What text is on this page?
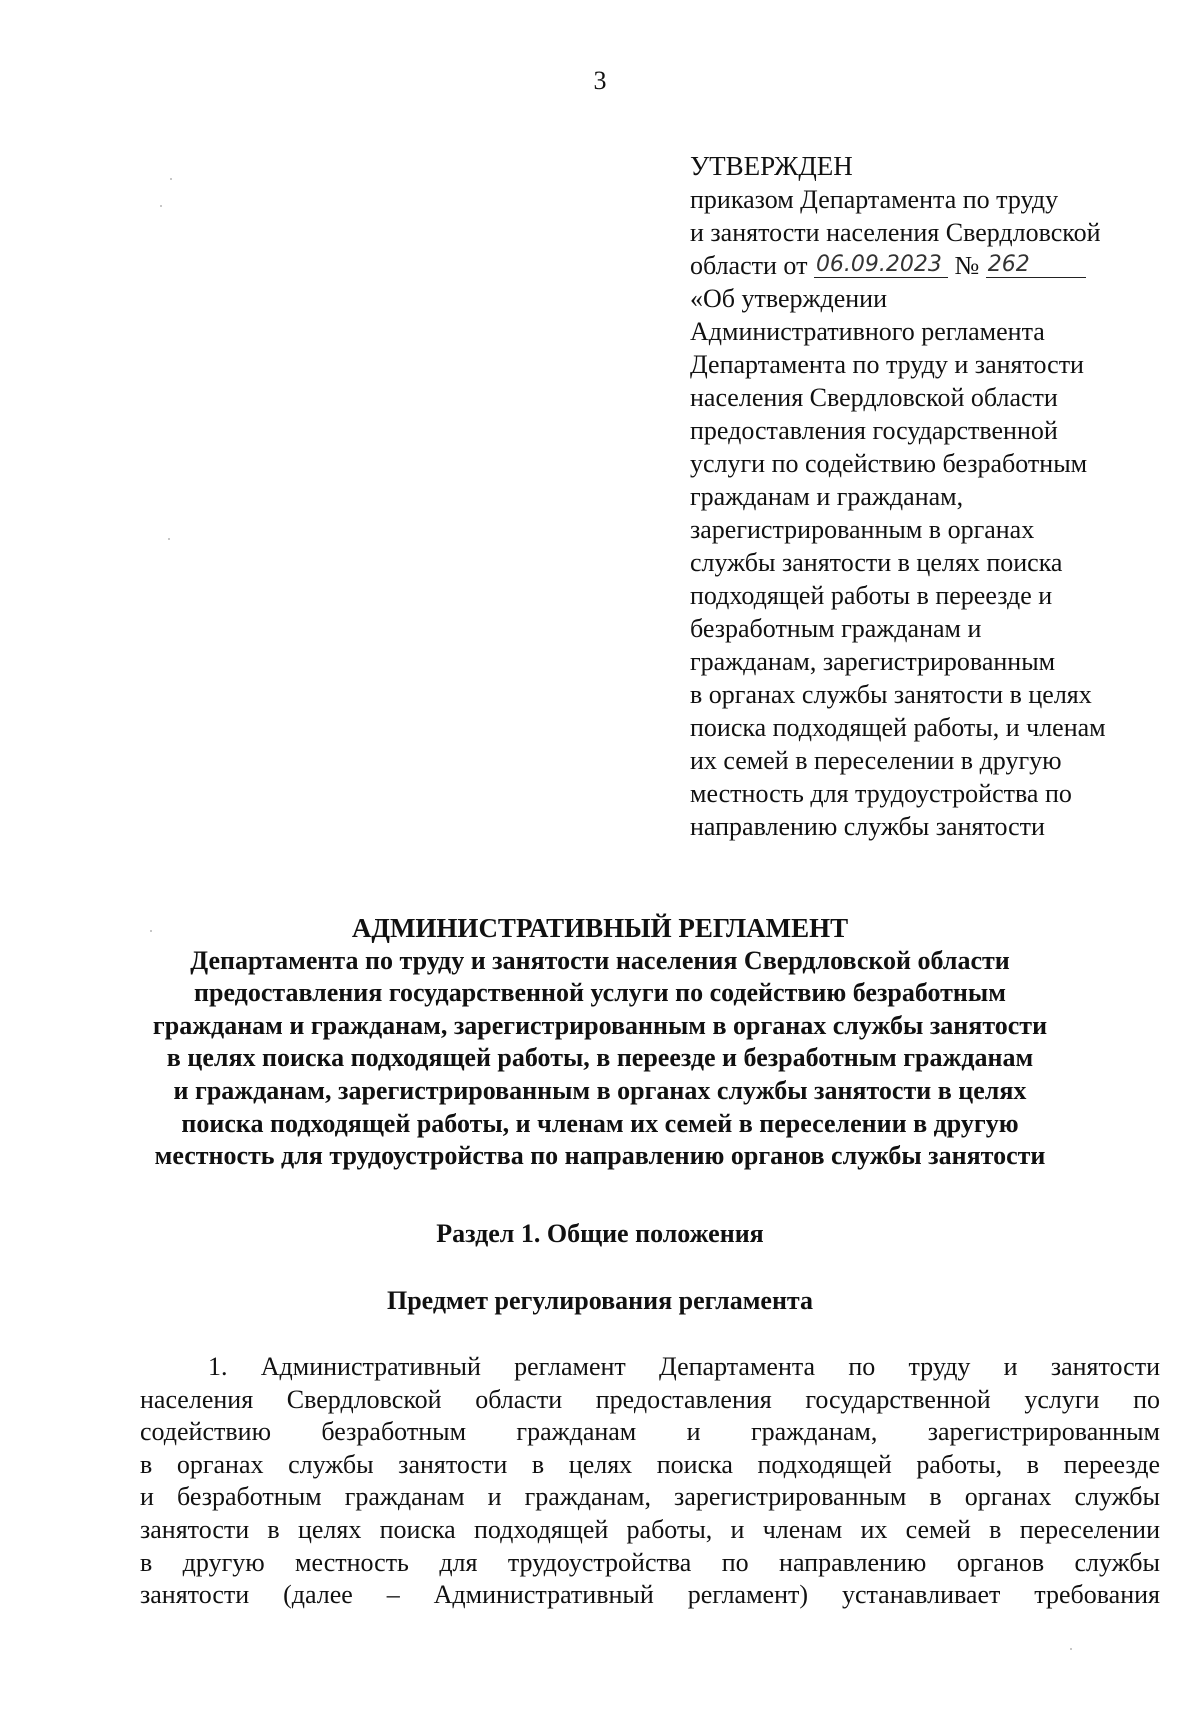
3
УТВЕРЖДЕН
приказом Департамента по труду
и занятости населения Свердловской
области от 06.09.2023 № 262
«Об утверждении
Административного регламента
Департамента по труду и занятости
населения Свердловской области
предоставления государственной
услуги по содействию безработным
гражданам и гражданам,
зарегистрированным в органах
службы занятости в целях поиска
подходящей работы в переезде и
безработным гражданам и
гражданам, зарегистрированным
в органах службы занятости в целях
поиска подходящей работы, и членам
их семей в переселении в другую
местность для трудоустройства по
направлению службы занятости
АДМИНИСТРАТИВНЫЙ РЕГЛАМЕНТ
Департамента по труду и занятости населения Свердловской области
предоставления государственной услуги по содействию безработным
гражданам и гражданам, зарегистрированным в органах службы занятости
в целях поиска подходящей работы, в переезде и безработным гражданам
и гражданам, зарегистрированным в органах службы занятости в целях
поиска подходящей работы, и членам их семей в переселении в другую
местность для трудоустройства по направлению органов службы занятости
Раздел 1. Общие положения
Предмет регулирования регламента
1. Административный регламент Департамента по труду и занятости
населения Свердловской области предоставления государственной услуги по
содействию безработным гражданам и гражданам, зарегистрированным
в органах службы занятости в целях поиска подходящей работы, в переезде
и безработным гражданам и гражданам, зарегистрированным в органах службы
занятости в целях поиска подходящей работы, и членам их семей в переселении
в другую местность для трудоустройства по направлению органов службы
занятости (далее – Административный регламент) устанавливает требования
